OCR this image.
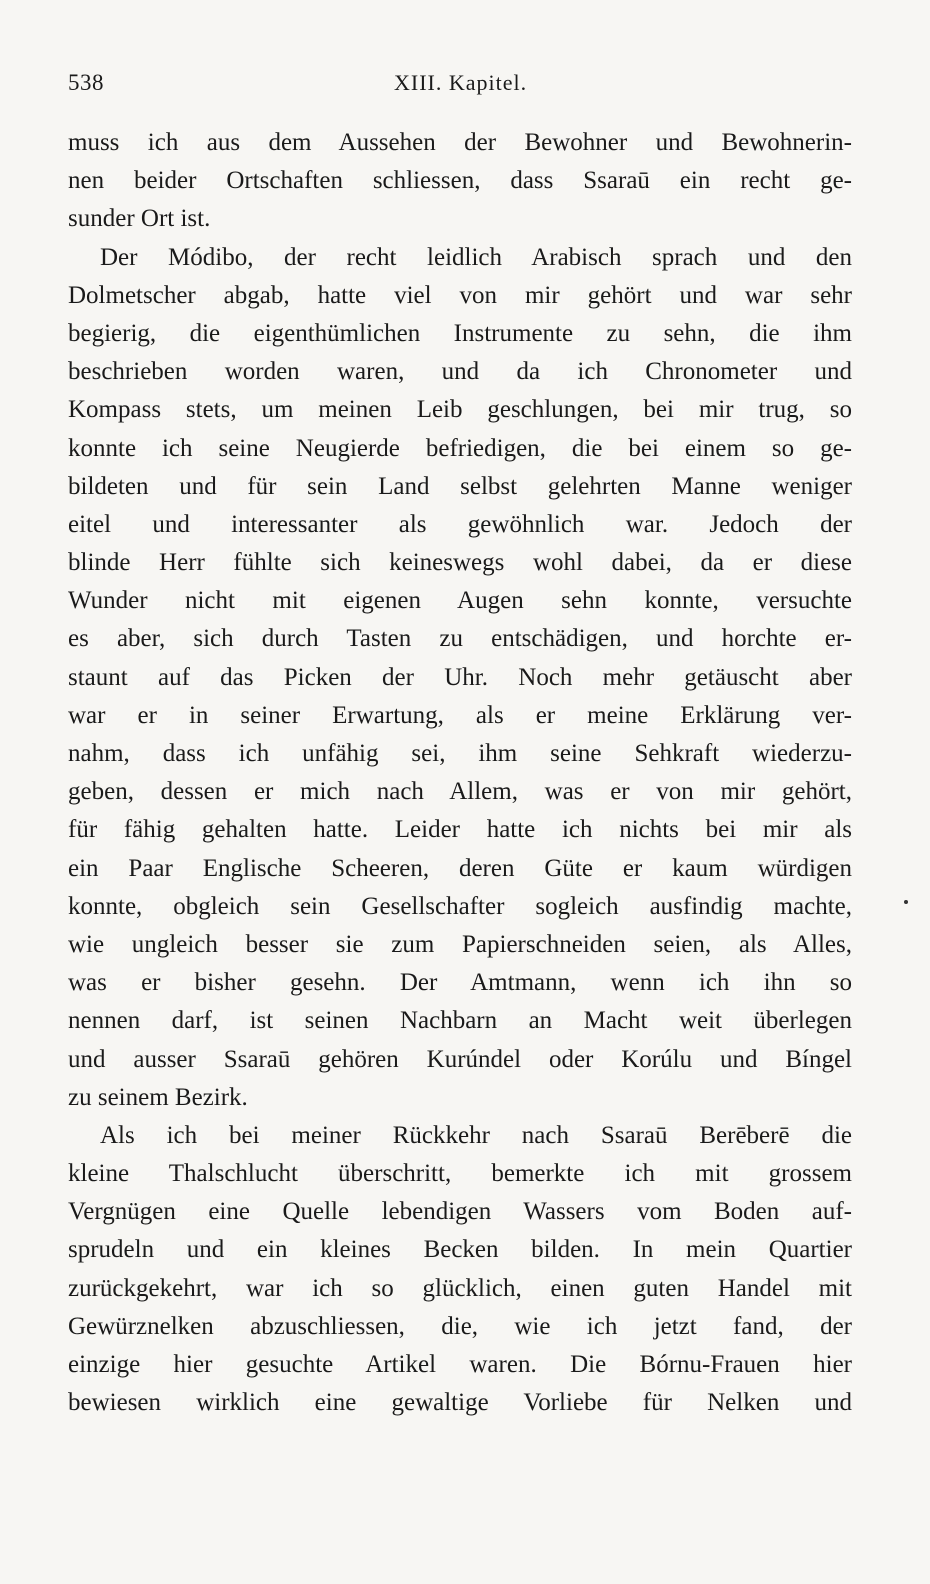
538	XIII. Kapitel.
muss ich aus dem Aussehen der Bewohner und Bewohnerin-
nen beider Ortschaften schliessen, dass Ssaraū ein recht ge-
sunder Ort ist.
Der Módibo, der recht leidlich Arabisch sprach und den
Dolmetscher abgab, hatte viel von mir gehört und war sehr
begierig, die eigenthümlichen Instrumente zu sehn, die ihm
beschrieben worden waren, und da ich Chronometer und
Kompass stets, um meinen Leib geschlungen, bei mir trug, so
konnte ich seine Neugierde befriedigen, die bei einem so ge-
bildeten und für sein Land selbst gelehrten Manne weniger
eitel und interessanter als gewöhnlich war. Jedoch der
blinde Herr fühlte sich keineswegs wohl dabei, da er diese
Wunder nicht mit eigenen Augen sehn konnte, versuchte
es aber, sich durch Tasten zu entschädigen, und horchte er-
staunt auf das Picken der Uhr. Noch mehr getäuscht aber
war er in seiner Erwartung, als er meine Erklärung ver-
nahm, dass ich unfähig sei, ihm seine Sehkraft wiederzu-
geben, dessen er mich nach Allem, was er von mir gehört,
für fähig gehalten hatte. Leider hatte ich nichts bei mir als
ein Paar Englische Scheeren, deren Güte er kaum würdigen
konnte, obgleich sein Gesellschafter sogleich ausfindig machte,
wie ungleich besser sie zum Papierschneiden seien, als Alles,
was er bisher gesehn. Der Amtmann, wenn ich ihn so
nennen darf, ist seinen Nachbarn an Macht weit überlegen
und ausser Ssaraū gehören Kurúndel oder Korúlu und Bíngel
zu seinem Bezirk.
Als ich bei meiner Rückkehr nach Ssaraū Berēberē die
kleine Thalschlucht überschritt, bemerkte ich mit grossem
Vergnügen eine Quelle lebendigen Wassers vom Boden auf-
sprudeln und ein kleines Becken bilden. In mein Quartier
zurückgekehrt, war ich so glücklich, einen guten Handel mit
Gewürznelken abzuschliessen, die, wie ich jetzt fand, der
einzige hier gesuchte Artikel waren. Die Bórnu-Frauen hier
bewiesen wirklich eine gewaltige Vorliebe für Nelken und
